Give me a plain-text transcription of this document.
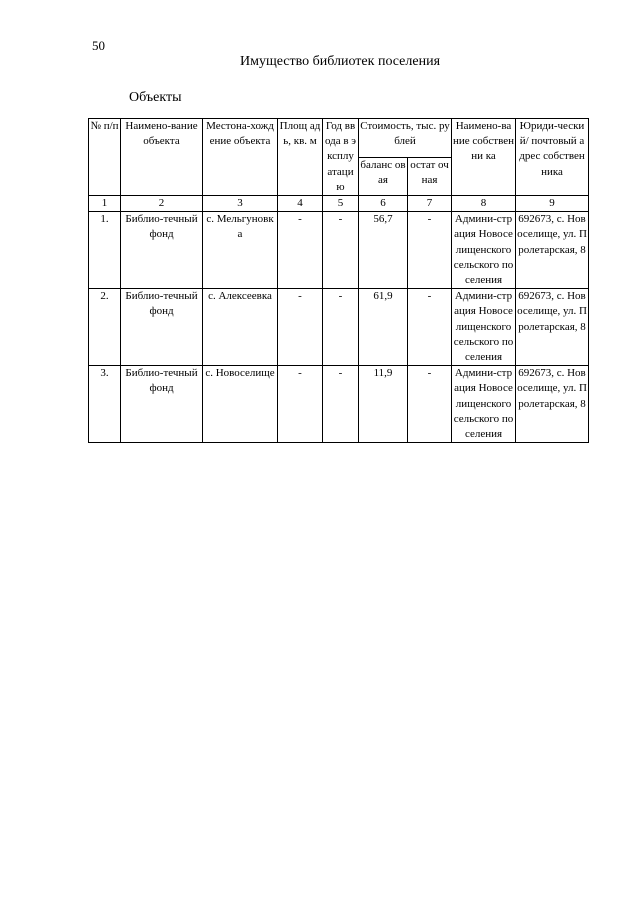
50
Имущество библиотек поселения
Объекты
№ п/п	Наимено-вание объекта	Местона-хождение объекта	Площ адь, кв. м	Год ввода в эксплу атаци ю	Стоимость, тыс. рублей		Наимено-вание собственни ка	Юриди-ческий/ почтовый адрес собственника
					баланс овая	остат очная		
1	2	3	4	5	6	7	8	9
1.	Библио-течный фонд	с. Мельгуновка	-	-	56,7	-	Админи-страция Новоселищенского сельского поселения	692673, с. Новоселище, ул. Пролетарская, 8
2.	Библио-течный фонд	с. Алексеевка	-	-	61,9	-	Админи-страция Новоселищенского сельского поселения	692673, с. Новоселище, ул. Пролетарская, 8
3.	Библио-течный фонд	с. Новоселище	-	-	11,9	-	Админи-страция Новоселищенского сельского поселения	692673, с. Новоселище, ул. Пролетарская, 8
